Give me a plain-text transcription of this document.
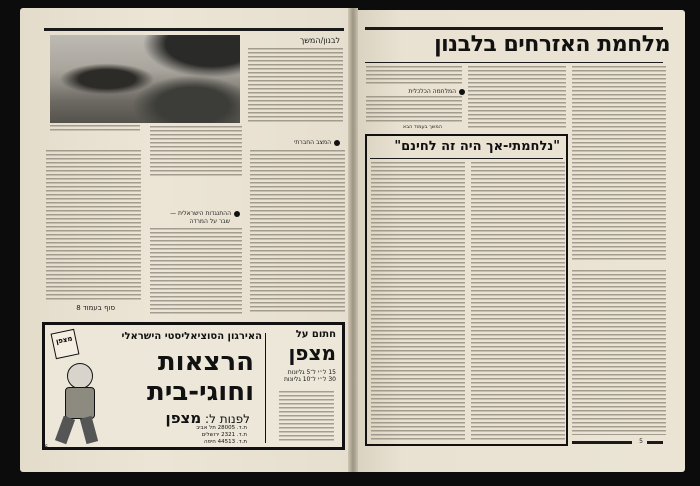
לבנון/המשך
המצב החברתי
ההתנגדות הישראלית —
שבר על המרדה
סוף בעמוד 8
מצפן	האירגון הסוציאליסטי הישראלי
הרצאות
וחוגי-בית
לפנות ל: מצפן
ת.ד. 28005 תל אביב
ת.ד. 2321 ירושלים
ת.ד. 44513 חיפה
חתום על
מצפן
15 ל״י ל־5 גליונות
30 ל״י ל־10 גליונות
6
מלחמת האזרחים בלבנון
המלחמה הכלכלית
המשך בעמוד הבא
"נלחמתי-אך היה זה לחינם"
5
